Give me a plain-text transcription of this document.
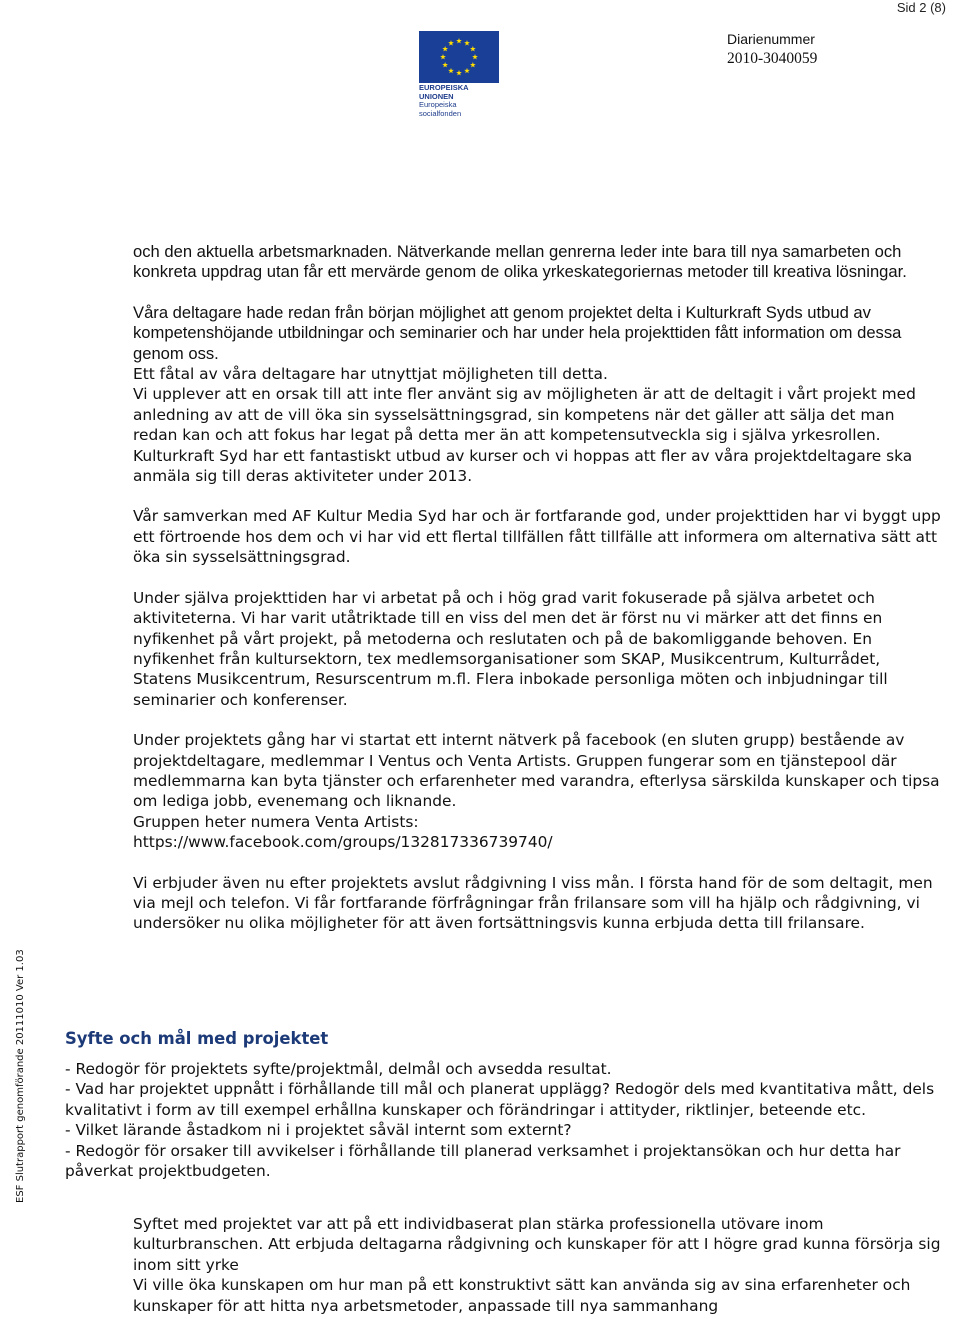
Sid 2 (8)
EUROPEISKA UNIONEN
Europeiska socialfonden
Diarienummer
2010-3040059
ESF Slutrapport genomförande 20111010 Ver 1.03

och den aktuella arbetsmarknaden. Nätverkande mellan genrerna leder inte bara till nya samarbeten och konkreta uppdrag utan får ett mervärde genom de olika yrkeskategoriernas metoder till kreativa lösningar.

Våra deltagare hade redan från början möjlighet att genom projektet delta i Kulturkraft Syds utbud av kompetenshöjande utbildningar och seminarier och har under hela projekttiden fått information om dessa genom oss.

Ett fåtal av våra deltagare har utnyttjat möjligheten till detta.

Vi upplever att en orsak till att inte fler använt sig av möjligheten är att de deltagit i vårt projekt med anledning av att de vill öka sin sysselsättningsgrad, sin kompetens när det gäller att sälja det man redan kan och att fokus har legat på detta mer än att kompetensutveckla sig i själva yrkesrollen. Kulturkraft Syd har ett fantastiskt utbud av kurser och vi hoppas att fler av våra projektdeltagare ska anmäla sig till deras aktiviteter under 2013.

Vår samverkan med AF Kultur Media Syd har och är fortfarande god, under projekttiden har vi byggt upp ett förtroende hos dem och vi har vid ett flertal tillfällen fått tillfälle att informera om alternativa sätt att öka sin sysselsättningsgrad.

Under själva projekttiden har vi arbetat på och i hög grad varit fokuserade på själva arbetet och aktiviteterna. Vi har varit utåtriktade till en viss del men det är först nu vi märker att det finns en nyfikenhet på vårt projekt, på metoderna och reslutaten och på de bakomliggande behoven. En nyfikenhet från kultursektorn, tex medlemsorganisationer som SKAP, Musikcentrum, Kulturrådet, Statens Musikcentrum, Resurscentrum m.fl. Flera inbokade personliga möten och inbjudningar till seminarier och konferenser.

Under projektets gång har vi startat ett internt nätverk på facebook (en sluten grupp) bestående av projektdeltagare, medlemmar I Ventus och Venta Artists. Gruppen fungerar som en tjänstepool där medlemmarna kan byta tjänster och erfarenheter med varandra, efterlysa särskilda kunskaper och tipsa om lediga jobb, evenemang och liknande.

Gruppen heter numera Venta Artists:

https://www.facebook.com/groups/132817336739740/

Vi erbjuder även nu efter projektets avslut rådgivning I viss mån. I första hand för de som deltagit, men via mejl och telefon. Vi får fortfarande förfrågningar från frilansare som vill ha hjälp och rådgivning, vi undersöker nu olika möjligheter för att även fortsättningsvis kunna erbjuda detta till frilansare.

Syfte och mål med projektet

- Redogör för projektets syfte/projektmål, delmål och avsedda resultat.

- Vad har projektet uppnått i förhållande till mål och planerat upplägg? Redogör dels med kvantitativa mått, dels kvalitativt i form av till exempel erhållna kunskaper och förändringar i attityder, riktlinjer, beteende etc.

- Vilket lärande åstadkom ni i projektet såväl internt som externt?

- Redogör för orsaker till avvikelser i förhållande till planerad verksamhet i projektansökan och hur detta har påverkat projektbudgeten.

Syftet med projektet var att på ett individbaserat plan stärka professionella utövare inom kulturbranschen. Att erbjuda deltagarna rådgivning och kunskaper för att I högre grad kunna försörja sig inom sitt yrke

Vi ville öka kunskapen om hur man på ett konstruktivt sätt kan använda sig av sina erfarenheter och kunskaper för att hitta nya arbetsmetoder, anpassade till nya sammanhang
